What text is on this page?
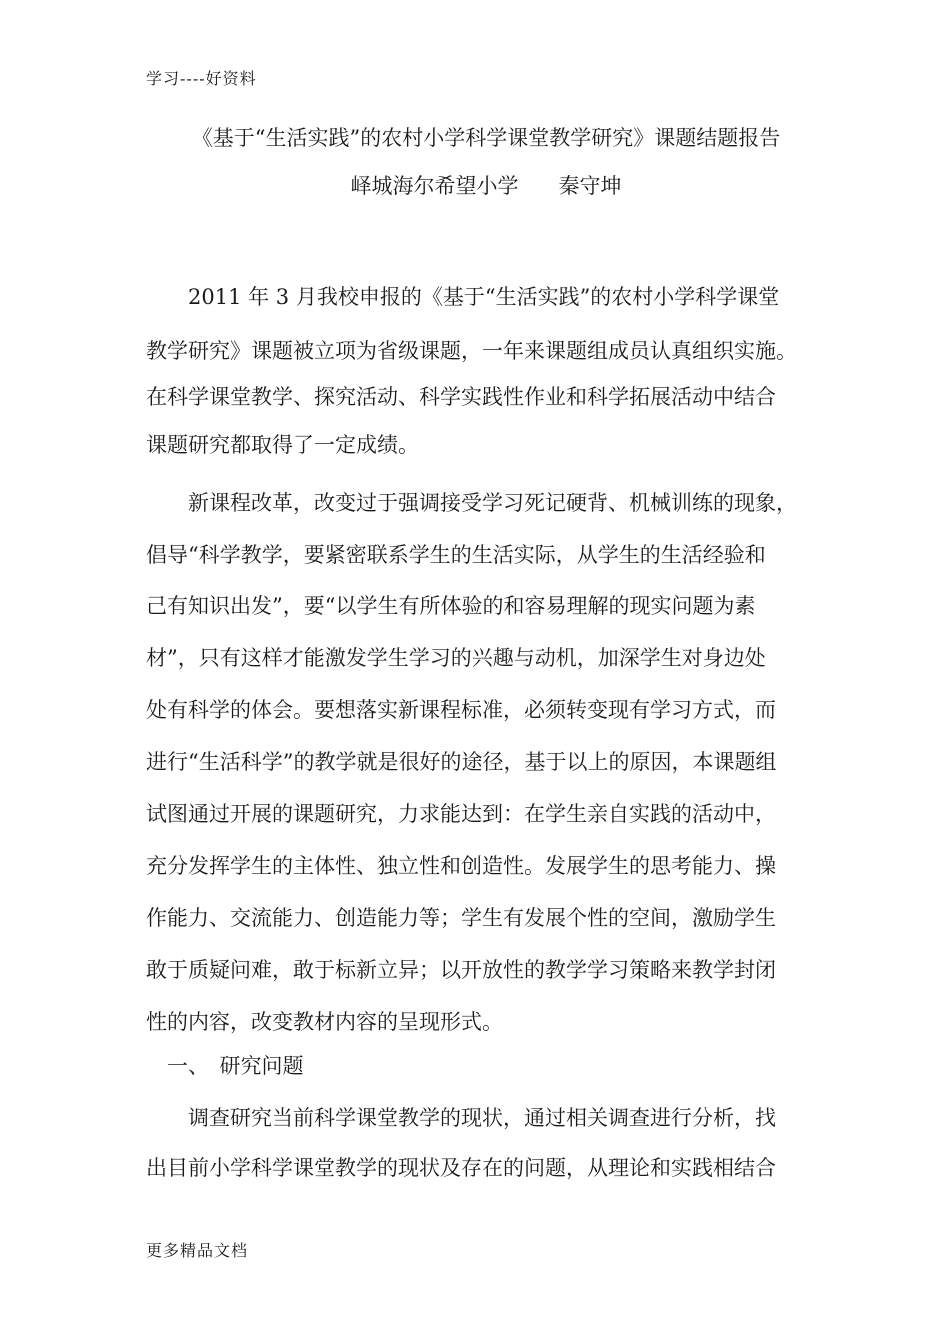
学习----好资料
《基于“生活实践”的农村小学科学课堂教学研究》课题结题报告
峄城海尔希望小学      秦守坤
　　2011 年 3 月我校申报的《基于“生活实践”的农村小学科学课堂
教学研究》课题被立项为省级课题，一年来课题组成员认真组织实施。
在科学课堂教学、探究活动、科学实践性作业和科学拓展活动中结合
课题研究都取得了一定成绩。
　　新课程改革，改变过于强调接受学习死记硬背、机械训练的现象，
倡导“科学教学，要紧密联系学生的生活实际，从学生的生活经验和
己有知识出发”，要“以学生有所体验的和容易理解的现实问题为素
材”，只有这样才能激发学生学习的兴趣与动机，加深学生对身边处
处有科学的体会。要想落实新课程标准，必须转变现有学习方式，而
进行“生活科学”的教学就是很好的途径，基于以上的原因，本课题组
试图通过开展的课题研究，力求能达到：在学生亲自实践的活动中，
充分发挥学生的主体性、独立性和创造性。发展学生的思考能力、操
作能力、交流能力、创造能力等；学生有发展个性的空间，激励学生
敢于质疑问难，敢于标新立异；以开放性的教学学习策略来教学封闭
性的内容，改变教材内容的呈现形式。
　一、　研究问题
　　调查研究当前科学课堂教学的现状，通过相关调查进行分析，找
出目前小学科学课堂教学的现状及存在的问题，从理论和实践相结合
更多精品文档
